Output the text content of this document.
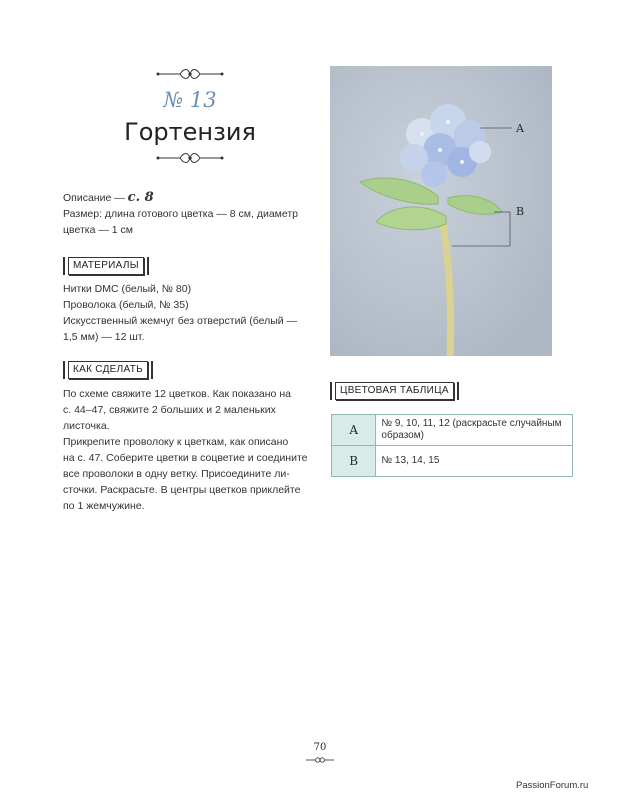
№ 13
Гортензия
Описание — с. 8
Размер: длина готового цветка — 8 см, диаметр
цветка — 1 см
МАТЕРИАЛЫ
Нитки DMC (белый, № 80)
Проволока (белый, № 35)
Искусственный жемчуг без отверстий (белый —
1,5 мм) — 12 шт.
КАК СДЕЛАТЬ
По схеме свяжите 12 цветков. Как показано на
с. 44–47, свяжите 2 больших и 2 маленьких листочка.
Прикрепите проволоку к цветкам, как описано
на с. 47. Соберите цветки в соцветие и соедините
все проволоки в одну ветку. Присоедините ли-
сточки. Раскрасьте. В центры цветков приклейте
по 1 жемчужине.
A
B
ЦВЕТОВАЯ ТАБЛИЦА
A	№ 9, 10, 11, 12 (раскрасьте случайным образом)
B	№ 13, 14, 15
70
PassionForum.ru
